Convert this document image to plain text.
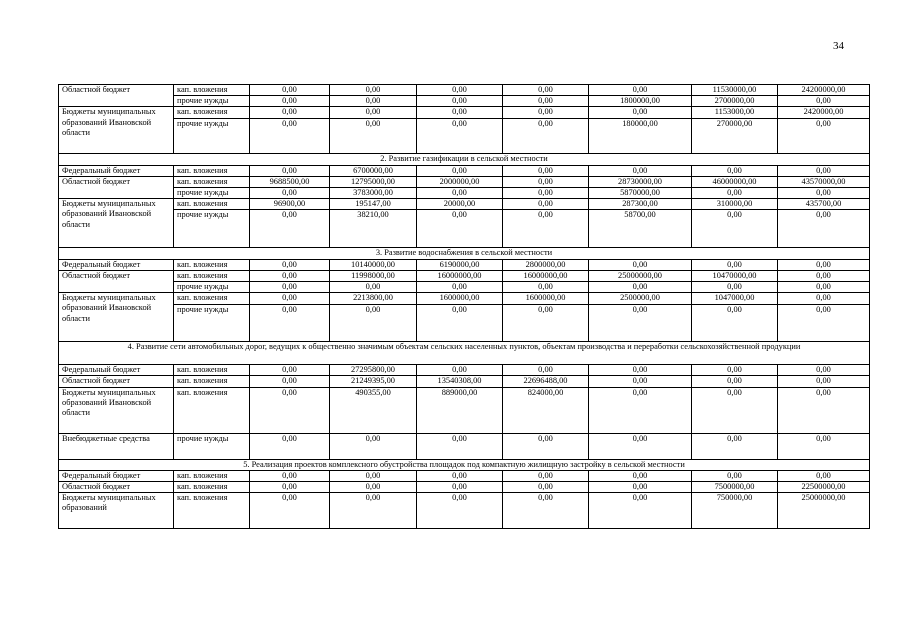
34
Областной бюджет	кап. вложения	0,00	0,00	0,00	0,00	0,00	11530000,00	24200000,00
	прочие нужды	0,00	0,00	0,00	0,00	1800000,00	2700000,00	0,00
Бюджеты муниципальных образований Ивановской области	кап. вложения	0,00	0,00	0,00	0,00	0,00	1153000,00	2420000,00
	прочие нужды	0,00	0,00	0,00	0,00	180000,00	270000,00	0,00
2. Развитие газификации в сельской местности								
Федеральный бюджет	кап. вложения	0,00	6700000,00	0,00	0,00	0,00	0,00	0,00
Областной бюджет	кап. вложения	9688500,00	12795000,00	2000000,00	0,00	28730000,00	46000000,00	43570000,00
	прочие нужды	0,00	3783000,00	0,00	0,00	5870000,00	0,00	0,00
Бюджеты муниципальных образований Ивановской области	кап. вложения	96900,00	195147,00	20000,00	0,00	287300,00	310000,00	435700,00
	прочие нужды	0,00	38210,00	0,00	0,00	58700,00	0,00	0,00
3. Развитие водоснабжения в сельской местности								
Федеральный бюджет	кап. вложения	0,00	10140000,00	6190000,00	2800000,00	0,00	0,00	0,00
Областной бюджет	кап. вложения	0,00	11998000,00	16000000,00	16000000,00	25000000,00	10470000,00	0,00
	прочие нужды	0,00	0,00	0,00	0,00	0,00	0,00	0,00
Бюджеты муниципальных образований Ивановской области	кап. вложения	0,00	2213800,00	1600000,00	1600000,00	2500000,00	1047000,00	0,00
	прочие нужды	0,00	0,00	0,00	0,00	0,00	0,00	0,00
4. Развитие сети автомобильных дорог, ведущих к общественно значимым объектам сельских населенных пунктов, объектам производства и переработки сельскохозяйственной продукции								
Федеральный бюджет	кап. вложения	0,00	27295800,00	0,00	0,00	0,00	0,00	0,00
Областной бюджет	кап. вложения	0,00	21249395,00	13540308,00	22696488,00	0,00	0,00	0,00
Бюджеты муниципальных образований Ивановской области	кап. вложения	0,00	490355,00	889000,00	824000,00	0,00	0,00	0,00
Внебюджетные средства	прочие нужды	0,00	0,00	0,00	0,00	0,00	0,00	0,00
5. Реализация проектов комплексного обустройства площадок под компактную жилищную застройку в сельской местности								
Федеральный бюджет	кап. вложения	0,00	0,00	0,00	0,00	0,00	0,00	0,00
Областной бюджет	кап. вложения	0,00	0,00	0,00	0,00	0,00	7500000,00	22500000,00
Бюджеты муниципальных образований	кап. вложения	0,00	0,00	0,00	0,00	0,00	750000,00	25000000,00
